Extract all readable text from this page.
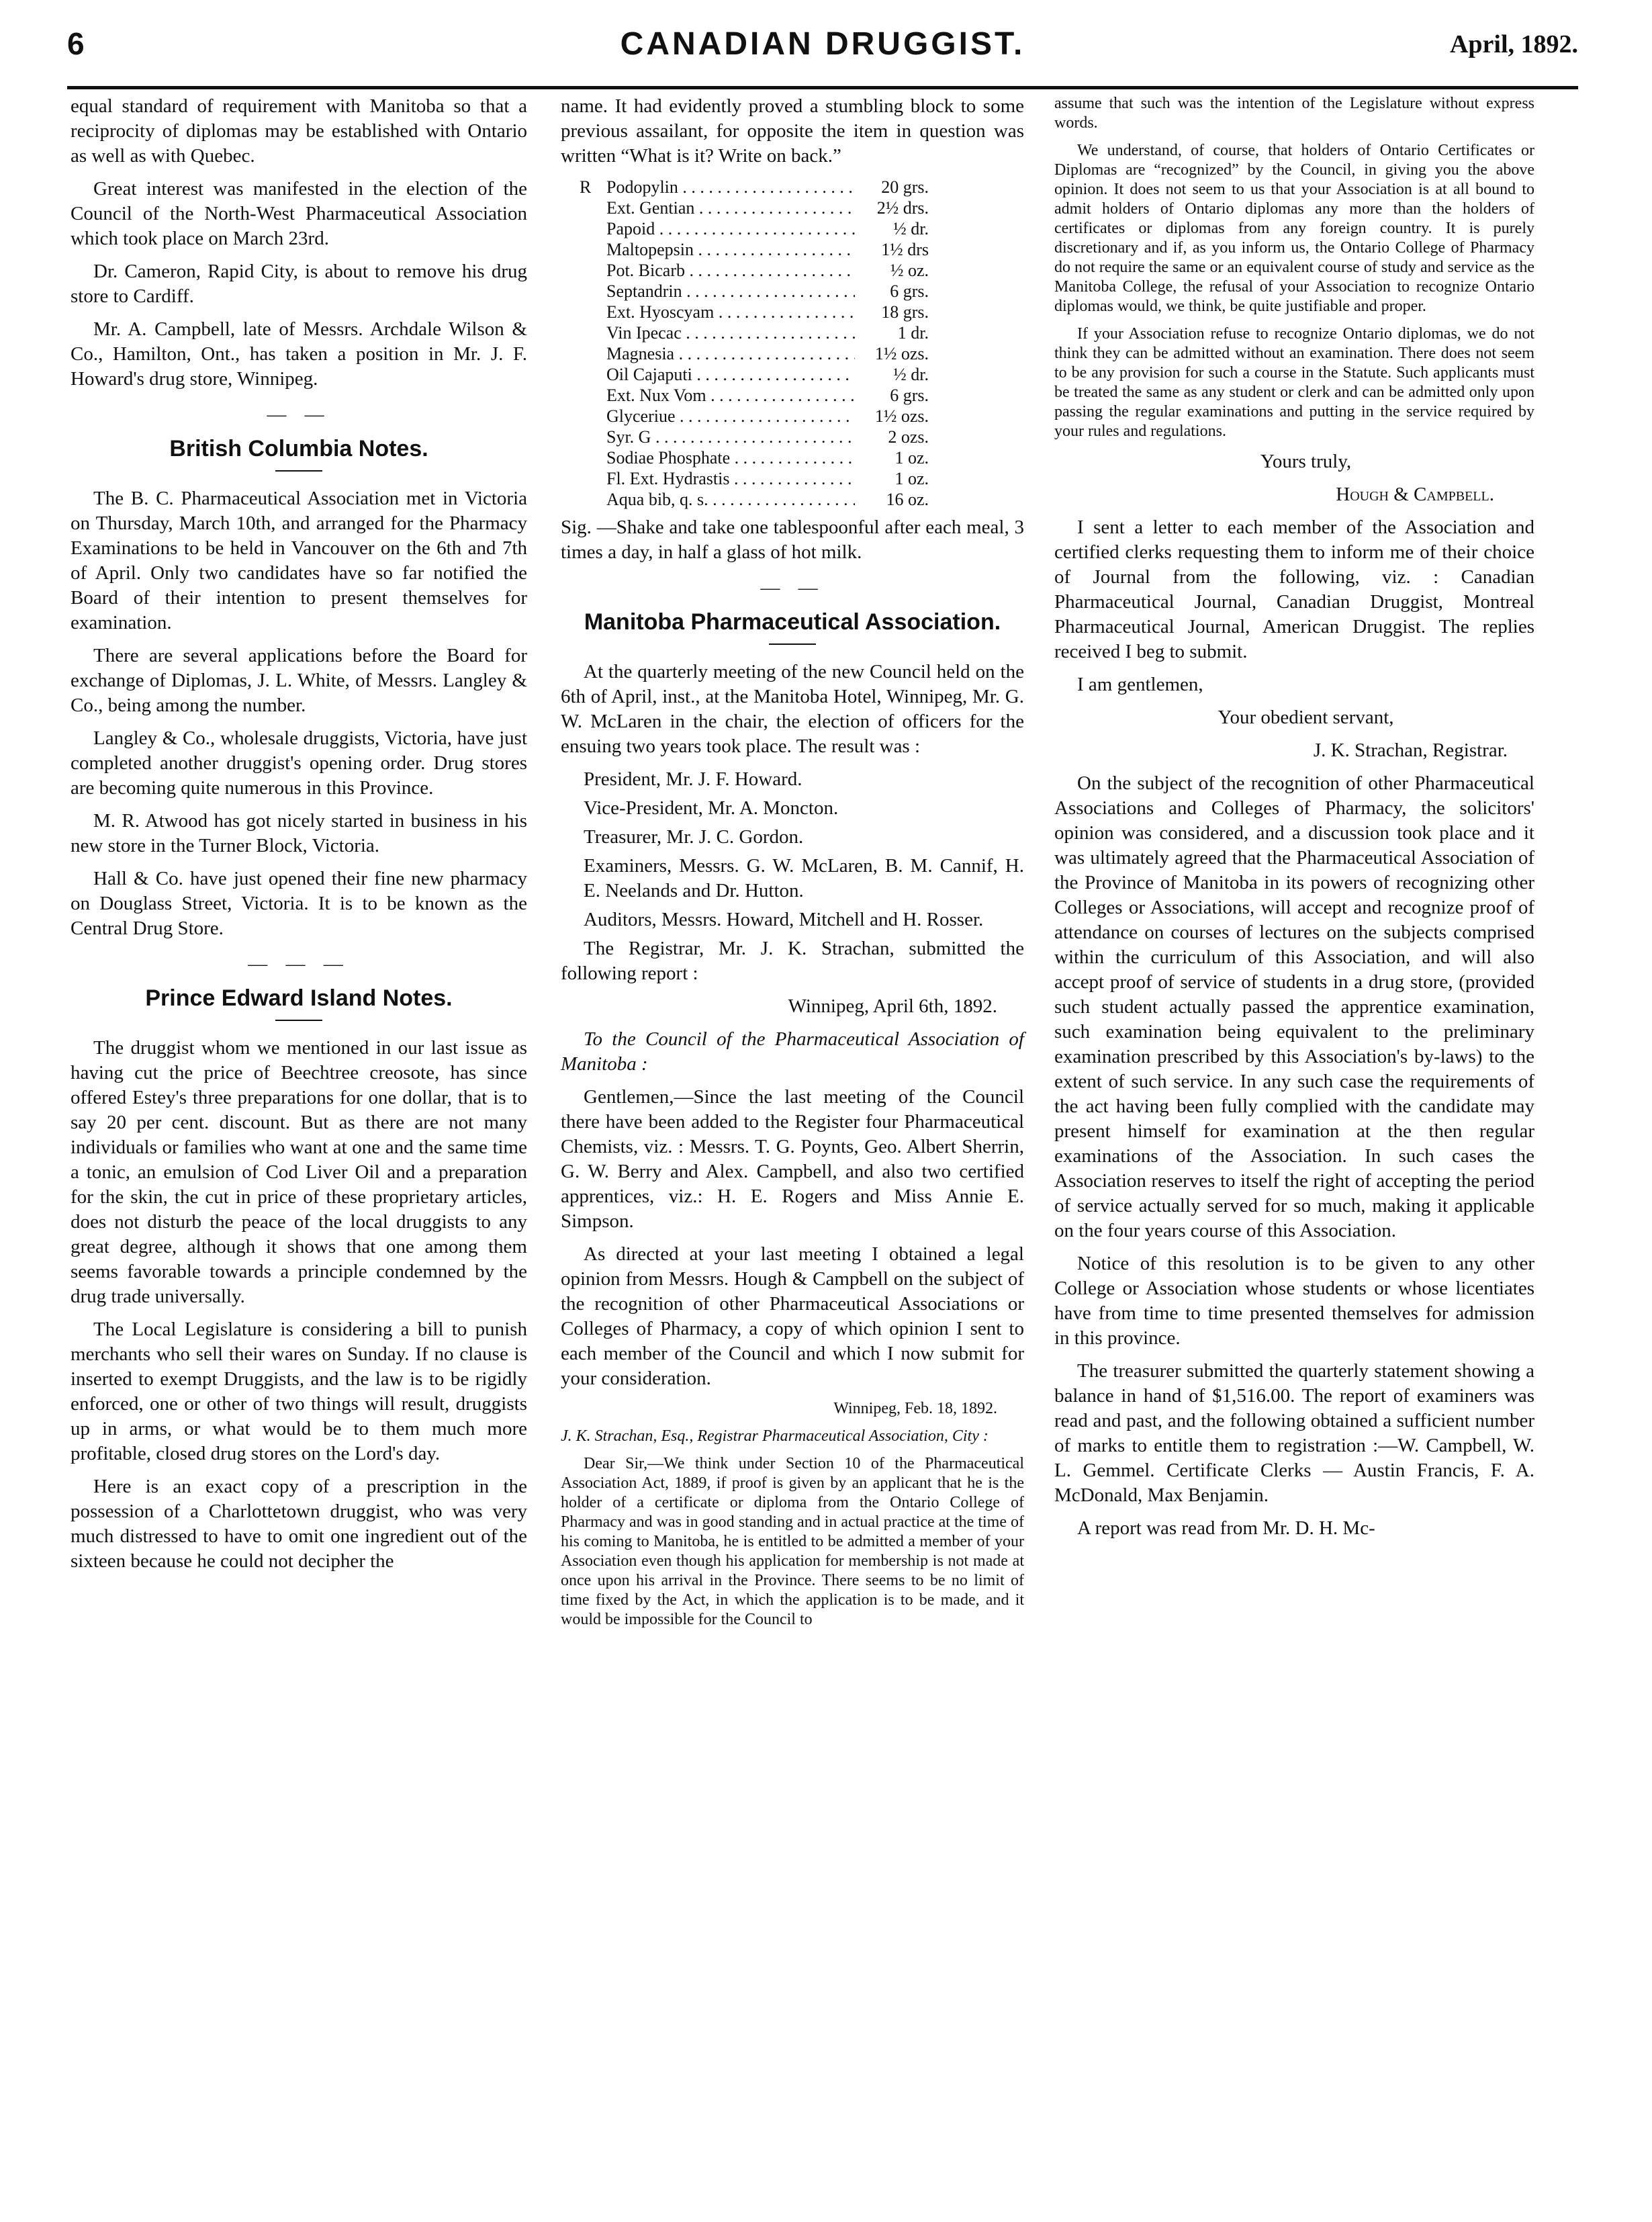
6	CANADIAN DRUGGIST.	April, 1892.

equal standard of requirement with Manitoba so that a reciprocity of diplomas may be established with Ontario as well as with Quebec.

Great interest was manifested in the election of the Council of the North-West Pharmaceutical Association which took place on March 23rd.

Dr. Cameron, Rapid City, is about to remove his drug store to Cardiff.

Mr. A. Campbell, late of Messrs. Archdale Wilson & Co., Hamilton, Ont., has taken a position in Mr. J. F. Howard's drug store, Winnipeg.

— —
British Columbia Notes.

The B. C. Pharmaceutical Association met in Victoria on Thursday, March 10th, and arranged for the Pharmacy Examinations to be held in Vancouver on the 6th and 7th of April. Only two candidates have so far notified the Board of their intention to present themselves for examination.

There are several applications before the Board for exchange of Diplomas, J. L. White, of Messrs. Langley & Co., being among the number.

Langley & Co., wholesale druggists, Victoria, have just completed another druggist's opening order. Drug stores are becoming quite numerous in this Province.

M. R. Atwood has got nicely started in business in his new store in the Turner Block, Victoria.

Hall & Co. have just opened their fine new pharmacy on Douglass Street, Victoria. It is to be known as the Central Drug Store.

— — —
Prince Edward Island Notes.

The druggist whom we mentioned in our last issue as having cut the price of Beechtree creosote, has since offered Estey's three preparations for one dollar, that is to say 20 per cent. discount. But as there are not many individuals or families who want at one and the same time a tonic, an emulsion of Cod Liver Oil and a preparation for the skin, the cut in price of these proprietary articles, does not disturb the peace of the local druggists to any great degree, although it shows that one among them seems favorable towards a principle condemned by the drug trade universally.

The Local Legislature is considering a bill to punish merchants who sell their wares on Sunday. If no clause is inserted to exempt Druggists, and the law is to be rigidly enforced, one or other of two things will result, druggists up in arms, or what would be to them much more profitable, closed drug stores on the Lord's day.

Here is an exact copy of a prescription in the possession of a Charlottetown druggist, who was very much distressed to have to omit one ingredient out of the sixteen because he could not decipher the

name. It had evidently proved a stumbling block to some previous assailant, for opposite the item in question was written “What is it? Write on back.”

R Podopylin . . .	20 grs.
Ext. Gentian . . .	2½ drs.
Papoid . . .	½ dr.
Maltopepsin . . .	1½ drs
Pot. Bicarb . . .	½ oz.
Septandrin . . .	6 grs.
Ext. Hyoscyam . . .	18 grs.
Vin Ipecac . . .	1 dr.
Magnesia . . .	1½ ozs.
Oil Cajaputi . . .	½ dr.
Ext. Nux Vom . . .	6 grs.
Glyceriue . . .	1½ ozs.
Syr. G . . .	2 ozs.
Sodiae Phosphate . . .	1 oz.
Fl. Ext. Hydrastis . . .	1 oz.
Aqua bib, q. s. . . .	16 oz.

Sig. —Shake and take one tablespoonful after each meal, 3 times a day, in half a glass of hot milk.

— —
Manitoba Pharmaceutical Association.

At the quarterly meeting of the new Council held on the 6th of April, inst., at the Manitoba Hotel, Winnipeg, Mr. G. W. McLaren in the chair, the election of officers for the ensuing two years took place. The result was :

President, Mr. J. F. Howard.

Vice-President, Mr. A. Moncton.

Treasurer, Mr. J. C. Gordon.

Examiners, Messrs. G. W. McLaren, B. M. Cannif, H. E. Neelands and Dr. Hutton.

Auditors, Messrs. Howard, Mitchell and H. Rosser.

The Registrar, Mr. J. K. Strachan, submitted the following report :

Winnipeg, April 6th, 1892.

To the Council of the Pharmaceutical Association of Manitoba :

Gentlemen,—Since the last meeting of the Council there have been added to the Register four Pharmaceutical Chemists, viz. : Messrs. T. G. Poynts, Geo. Albert Sherrin, G. W. Berry and Alex. Campbell, and also two certified apprentices, viz.: H. E. Rogers and Miss Annie E. Simpson.

As directed at your last meeting I obtained a legal opinion from Messrs. Hough & Campbell on the subject of the recognition of other Pharmaceutical Associations or Colleges of Pharmacy, a copy of which opinion I sent to each member of the Council and which I now submit for your consideration.

Winnipeg, Feb. 18, 1892.

J. K. Strachan, Esq., Registrar Pharmaceutical Association, City :

Dear Sir,—We think under Section 10 of the Pharmaceutical Association Act, 1889, if proof is given by an applicant that he is the holder of a certificate or diploma from the Ontario College of Pharmacy and was in good standing and in actual practice at the time of his coming to Manitoba, he is entitled to be admitted a member of your Association even though his application for membership is not made at once upon his arrival in the Province. There seems to be no limit of time fixed by the Act, in which the application is to be made, and it would be impossible for the Council to

assume that such was the intention of the Legislature without express words.

We understand, of course, that holders of Ontario Certificates or Diplomas are “recognized” by the Council, in giving you the above opinion. It does not seem to us that your Association is at all bound to admit holders of Ontario diplomas any more than the holders of certificates or diplomas from any foreign country. It is purely discretionary and if, as you inform us, the Ontario College of Pharmacy do not require the same or an equivalent course of study and service as the Manitoba College, the refusal of your Association to recognize Ontario diplomas would, we think, be quite justifiable and proper.

If your Association refuse to recognize Ontario diplomas, we do not think they can be admitted without an examination. There does not seem to be any provision for such a course in the Statute. Such applicants must be treated the same as any student or clerk and can be admitted only upon passing the regular examinations and putting in the service required by your rules and regulations.

Yours truly,

Hough & Campbell.

I sent a letter to each member of the Association and certified clerks requesting them to inform me of their choice of Journal from the following, viz. : Canadian Pharmaceutical Journal, Canadian Druggist, Montreal Pharmaceutical Journal, American Druggist. The replies received I beg to submit.

I am gentlemen,

Your obedient servant,

J. K. Strachan, Registrar.

On the subject of the recognition of other Pharmaceutical Associations and Colleges of Pharmacy, the solicitors' opinion was considered, and a discussion took place and it was ultimately agreed that the Pharmaceutical Association of the Province of Manitoba in its powers of recognizing other Colleges or Associations, will accept and recognize proof of attendance on courses of lectures on the subjects comprised within the curriculum of this Association, and will also accept proof of service of students in a drug store, (provided such student actually passed the apprentice examination, such examination being equivalent to the preliminary examination prescribed by this Association's by-laws) to the extent of such service. In any such case the requirements of the act having been fully complied with the candidate may present himself for examination at the then regular examinations of the Association. In such cases the Association reserves to itself the right of accepting the period of service actually served for so much, making it applicable on the four years course of this Association.

Notice of this resolution is to be given to any other College or Association whose students or whose licentiates have from time to time presented themselves for admission in this province.

The treasurer submitted the quarterly statement showing a balance in hand of $1,516.00. The report of examiners was read and past, and the following obtained a sufficient number of marks to entitle them to registration :—W. Campbell, W. L. Gemmel. Certificate Clerks — Austin Francis, F. A. McDonald, Max Benjamin.

A report was read from Mr. D. H. Mc-
